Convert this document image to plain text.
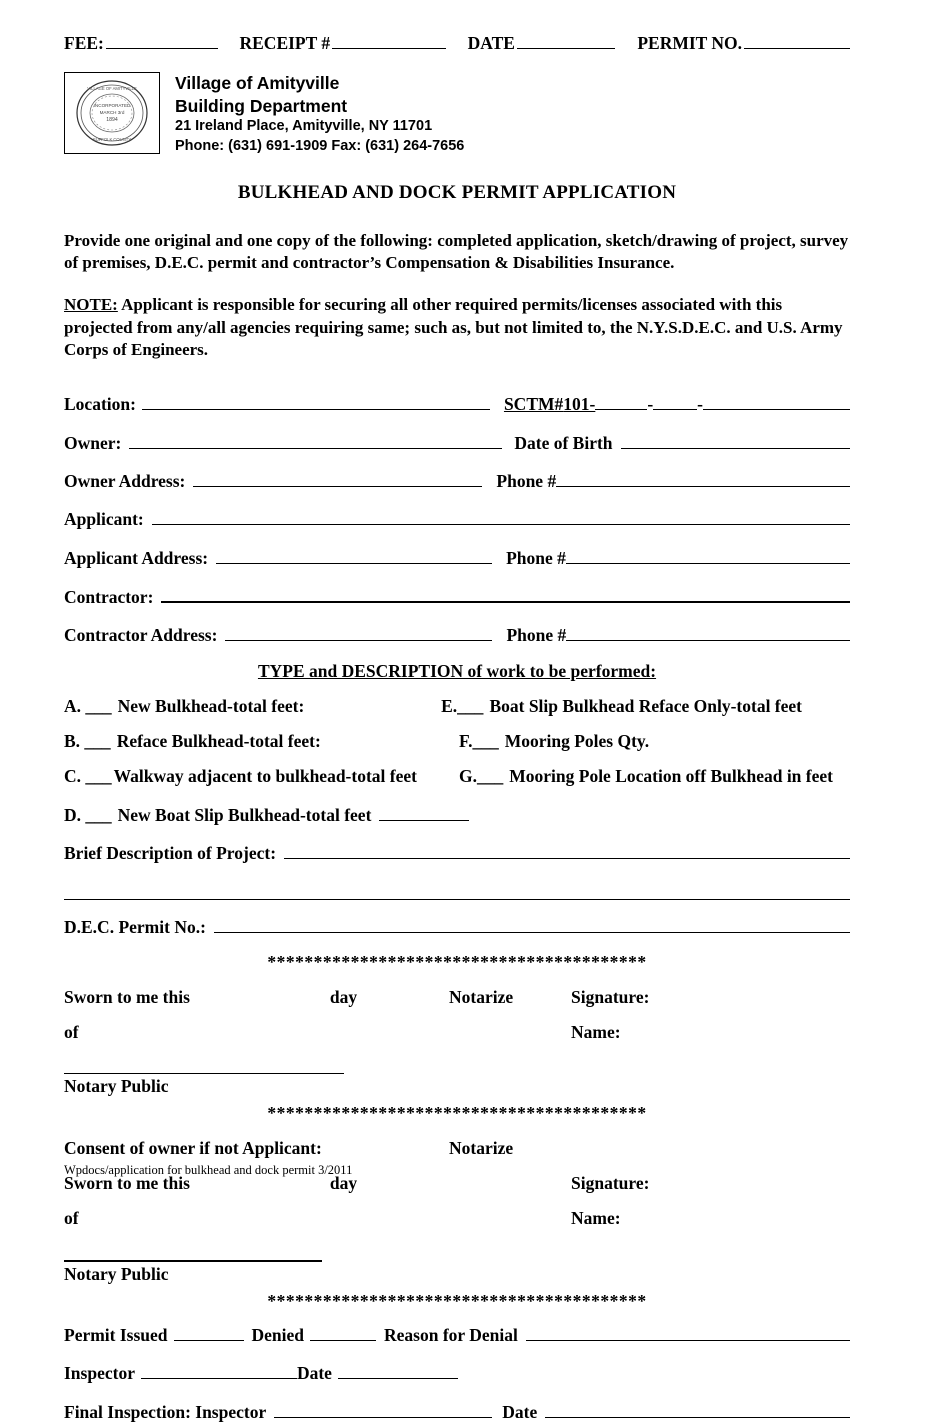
FEE:	RECEIPT #	DATE	PERMIT NO.
INCORPORATED
MARCH 3rd
1894
VILLAGE OF AMITYVILLE
SUFFOLK COUNTY
Village of Amityville
Building Department
21 Ireland Place, Amityville, NY 11701
Phone: (631) 691-1909 Fax: (631) 264-7656
BULKHEAD AND DOCK PERMIT APPLICATION
Provide one original and one copy of the following: completed application, sketch/drawing of project, survey of premises, D.E.C. permit and contractor’s Compensation & Disabilities Insurance.
NOTE: Applicant is responsible for securing all other required permits/licenses associated with this projected from any/all agencies requiring same; such as, but not limited to, the N.Y.S.D.E.C. and U.S. Army Corps of Engineers.
Location:	SCTM# 101-	-	-
Owner:	Date of Birth
Owner Address:	Phone #
Applicant:
Applicant Address:	Phone #
Contractor:
Contractor Address:	Phone #
TYPE and DESCRIPTION of work to be performed:
A. ___ New Bulkhead-total feet:	E.___ Boat Slip Bulkhead Reface Only-total feet
B. ___ Reface Bulkhead-total feet:	F.___ Mooring Poles Qty.
C. ___ Walkway adjacent to bulkhead-total feet G.___ Mooring Pole Location off Bulkhead in feet
D. ___ New Boat Slip Bulkhead-total feet
Brief Description of Project:
D.E.C. Permit No.:
*****************************************
Sworn to me this	day	Notarize	Signature:
of	Name:
Notary Public
*****************************************
Consent of owner if not Applicant:	Notarize
Sworn to me this	day	Signature:
of	Name :
Notary Public
*****************************************
Permit Issued	Denied	Reason for Denial
Inspector	Date
Final Inspection: Inspector	Date
Wpdocs/application for bulkhead and dock permit 3/2011
